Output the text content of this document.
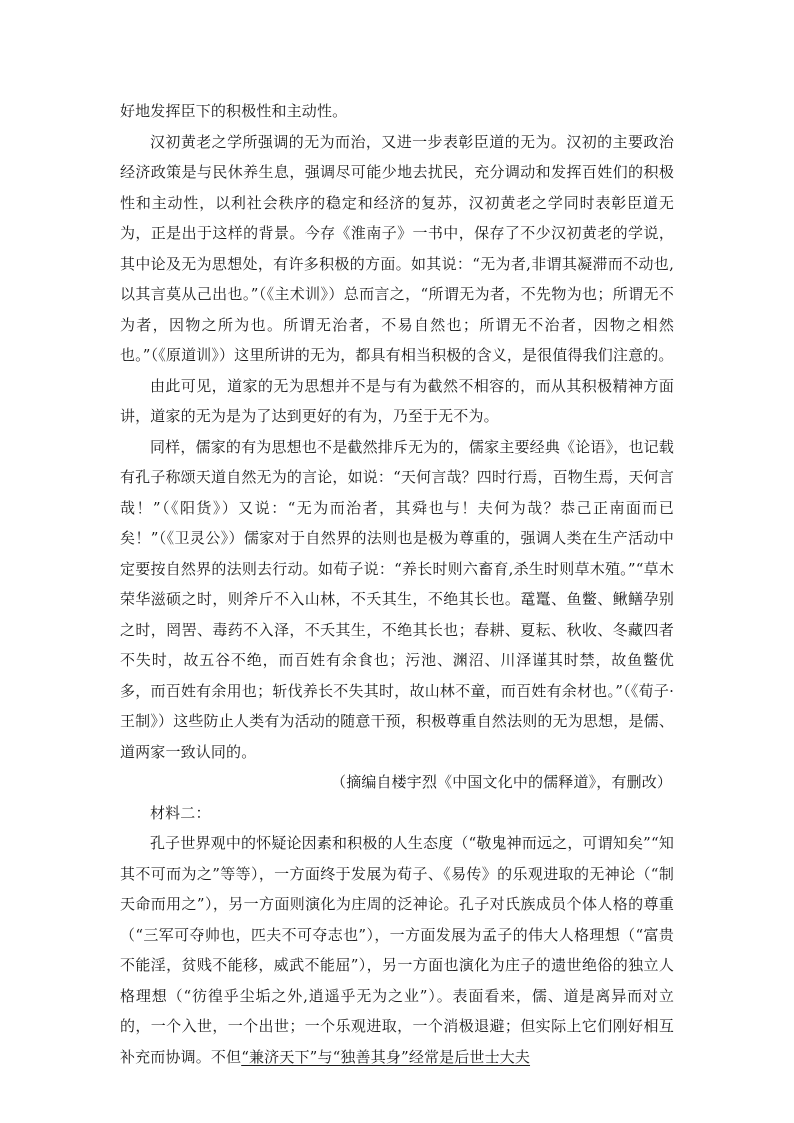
好地发挥臣下的积极性和主动性。

汉初黄老之学所强调的无为而治，又进一步表彰臣道的无为。汉初的主要政治经济政策是与民休养生息，强调尽可能少地去扰民，充分调动和发挥百姓们的积极性和主动性，以利社会秩序的稳定和经济的复苏，汉初黄老之学同时表彰臣道无为，正是出于这样的背景。今存《淮南子》一书中，保存了不少汉初黄老的学说，其中论及无为思想处，有许多积极的方面。如其说：“无为者,非谓其凝滞而不动也,以其言莫从己出也。”（《主术训》）总而言之，“所谓无为者，不先物为也；所谓无不为者，因物之所为也。所谓无治者，不易自然也；所谓无不治者，因物之相然也。”（《原道训》）这里所讲的无为，都具有相当积极的含义，是很值得我们注意的。

由此可见，道家的无为思想并不是与有为截然不相容的，而从其积极精神方面讲，道家的无为是为了达到更好的有为，乃至于无不为。

同样，儒家的有为思想也不是截然排斥无为的，儒家主要经典《论语》，也记载有孔子称颂天道自然无为的言论，如说：“天何言哉？四时行焉，百物生焉，天何言哉！”（《阳货》）又说：“无为而治者，其舜也与！夫何为哉？恭己正南面而已矣！”（《卫灵公》）儒家对于自然界的法则也是极为尊重的，强调人类在生产活动中定要按自然界的法则去行动。如荀子说：“养长时则六畜育,杀生时则草木殖。”“草木荣华滋硕之时，则斧斤不入山林，不夭其生，不绝其长也。鼋鼍、鱼鳖、鳅鳝孕别之时，罔罟、毒药不入泽，不夭其生，不绝其长也；春耕、夏耘、秋收、冬藏四者不失时，故五谷不绝，而百姓有余食也；污池、渊沼、川泽谨其时禁，故鱼鳖优多，而百姓有余用也；斩伐养长不失其时，故山林不童，而百姓有余材也。”（《荀子·王制》）这些防止人类有为活动的随意干预，积极尊重自然法则的无为思想，是儒、道两家一致认同的。

（摘编自楼宇烈《中国文化中的儒释道》，有删改）

材料二：

孔子世界观中的怀疑论因素和积极的人生态度（“敬鬼神而远之，可谓知矣”“知其不可而为之”等等），一方面终于发展为荀子、《易传》的乐观进取的无神论（“制天命而用之”），另一方面则演化为庄周的泛神论。孔子对氏族成员个体人格的尊重（“三军可夺帅也，匹夫不可夺志也”），一方面发展为孟子的伟大人格理想（“富贵不能淫，贫贱不能移，威武不能屈”），另一方面也演化为庄子的遗世绝俗的独立人格理想（“彷徨乎尘垢之外,逍遥乎无为之业”）。表面看来，儒、道是离异而对立的，一个入世，一个出世；一个乐观进取，一个消极退避；但实际上它们刚好相互补充而协调。不但“兼济天下”与“独善其身”经常是后世士大夫
